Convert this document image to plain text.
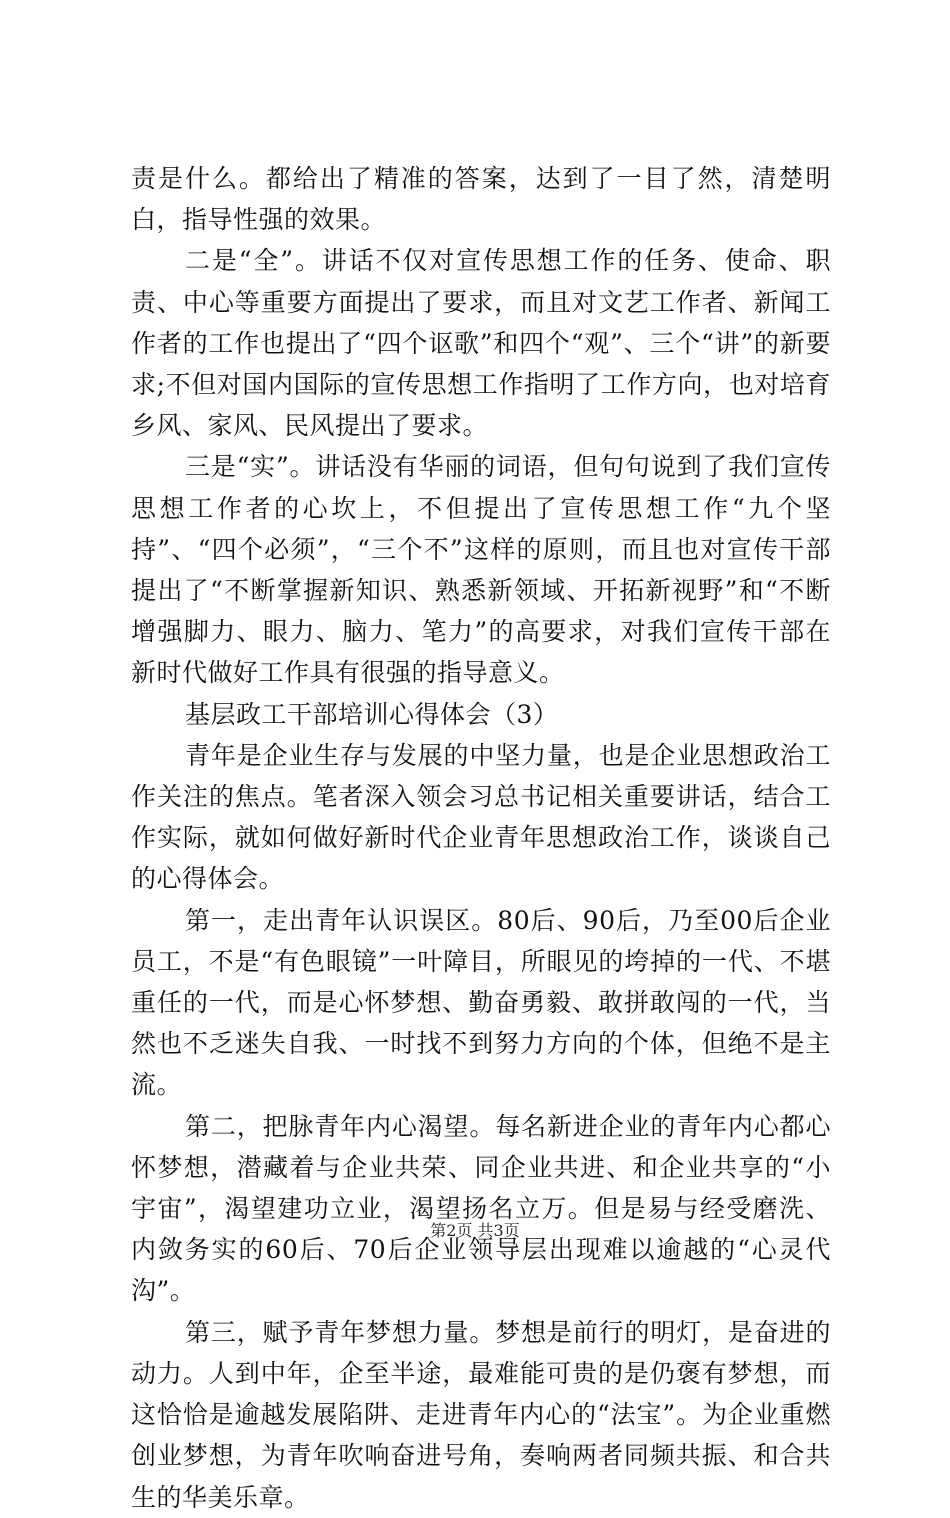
责是什么。都给出了精准的答案，达到了一目了然，清楚明白，指导性强的效果。

二是“全”。讲话不仅对宣传思想工作的任务、使命、职责、中心等重要方面提出了要求，而且对文艺工作者、新闻工作者的工作也提出了“四个讴歌”和四个“观”、三个“讲”的新要求;不但对国内国际的宣传思想工作指明了工作方向，也对培育乡风、家风、民风提出了要求。

三是“实”。讲话没有华丽的词语，但句句说到了我们宣传思想工作者的心坎上，不但提出了宣传思想工作“九个坚持”、“四个必须”，“三个不”这样的原则，而且也对宣传干部提出了“不断掌握新知识、熟悉新领域、开拓新视野”和“不断增强脚力、眼力、脑力、笔力”的高要求，对我们宣传干部在新时代做好工作具有很强的指导意义。

基层政工干部培训心得体会（3）

青年是企业生存与发展的中坚力量，也是企业思想政治工作关注的焦点。笔者深入领会习总书记相关重要讲话，结合工作实际，就如何做好新时代企业青年思想政治工作，谈谈自己的心得体会。

第一，走出青年认识误区。80后、90后，乃至00后企业员工，不是“有色眼镜”一叶障目，所眼见的垮掉的一代、不堪重任的一代，而是心怀梦想、勤奋勇毅、敢拼敢闯的一代，当然也不乏迷失自我、一时找不到努力方向的个体，但绝不是主流。

第二，把脉青年内心渴望。每名新进企业的青年内心都心怀梦想，潜藏着与企业共荣、同企业共进、和企业共享的“小宇宙”，渴望建功立业，渴望扬名立万。但是易与经受磨洗、内敛务实的60后、70后企业领导层出现难以逾越的“心灵代沟”。

第三，赋予青年梦想力量。梦想是前行的明灯，是奋进的动力。人到中年，企至半途，最难能可贵的是仍褒有梦想，而这恰恰是逾越发展陷阱、走进青年内心的“法宝”。为企业重燃创业梦想，为青年吹响奋进号角，奏响两者同频共振、和合共生的华美乐章。

第2页 共3页
